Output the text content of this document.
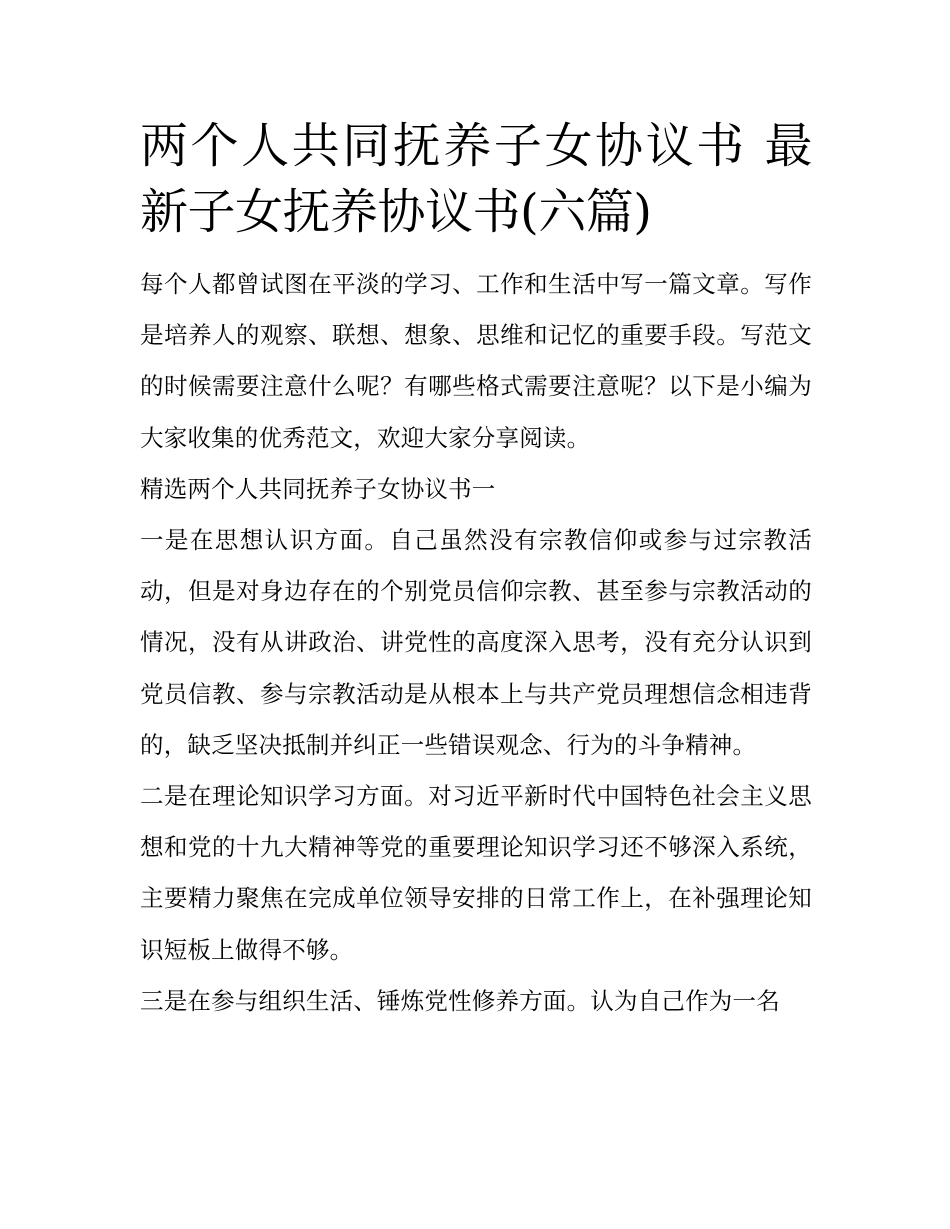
两个人共同抚养子女协议书 最新子女抚养协议书(六篇)

每个人都曾试图在平淡的学习、工作和生活中写一篇文章。写作是培养人的观察、联想、想象、思维和记忆的重要手段。写范文的时候需要注意什么呢？有哪些格式需要注意呢？以下是小编为大家收集的优秀范文，欢迎大家分享阅读。

精选两个人共同抚养子女协议书一

一是在思想认识方面。自己虽然没有宗教信仰或参与过宗教活动，但是对身边存在的个别党员信仰宗教、甚至参与宗教活动的情况，没有从讲政治、讲党性的高度深入思考，没有充分认识到党员信教、参与宗教活动是从根本上与共产党员理想信念相违背的，缺乏坚决抵制并纠正一些错误观念、行为的斗争精神。

二是在理论知识学习方面。对习近平新时代中国特色社会主义思想和党的十九大精神等党的重要理论知识学习还不够深入系统，主要精力聚焦在完成单位领导安排的日常工作上，在补强理论知识短板上做得不够。

三是在参与组织生活、锤炼党性修养方面。认为自己作为一名
